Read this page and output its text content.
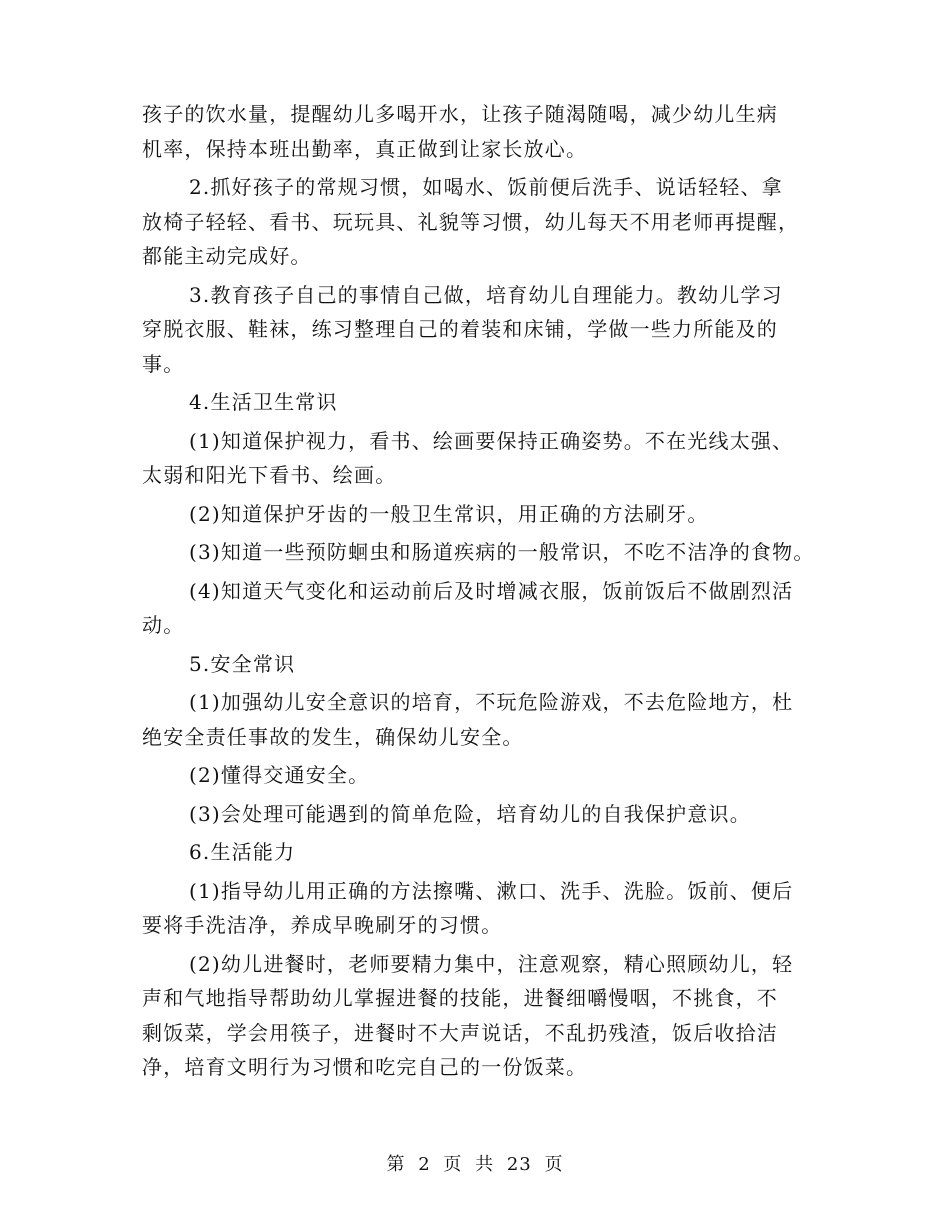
孩子的饮水量，提醒幼儿多喝开水，让孩子随渴随喝，减少幼儿生病
机率，保持本班出勤率，真正做到让家长放心。
2.抓好孩子的常规习惯，如喝水、饭前便后洗手、说话轻轻、拿
放椅子轻轻、看书、玩玩具、礼貌等习惯，幼儿每天不用老师再提醒，
都能主动完成好。
3.教育孩子自己的事情自己做，培育幼儿自理能力。教幼儿学习
穿脱衣服、鞋袜，练习整理自己的着装和床铺，学做一些力所能及的
事。
4.生活卫生常识
(1)知道保护视力，看书、绘画要保持正确姿势。不在光线太强、
太弱和阳光下看书、绘画。
(2)知道保护牙齿的一般卫生常识，用正确的方法刷牙。
(3)知道一些预防蛔虫和肠道疾病的一般常识，不吃不洁净的食物。
(4)知道天气变化和运动前后及时增减衣服，饭前饭后不做剧烈活
动。
5.安全常识
(1)加强幼儿安全意识的培育，不玩危险游戏，不去危险地方，杜
绝安全责任事故的发生，确保幼儿安全。
(2)懂得交通安全。
(3)会处理可能遇到的简单危险，培育幼儿的自我保护意识。
6.生活能力
(1)指导幼儿用正确的方法擦嘴、漱口、洗手、洗脸。饭前、便后
要将手洗洁净，养成早晚刷牙的习惯。
(2)幼儿进餐时，老师要精力集中，注意观察，精心照顾幼儿，轻
声和气地指导帮助幼儿掌握进餐的技能，进餐细嚼慢咽，不挑食，不
剩饭菜，学会用筷子，进餐时不大声说话，不乱扔残渣，饭后收拾洁
净，培育文明行为习惯和吃完自己的一份饭菜。
第 2 页 共 23 页
